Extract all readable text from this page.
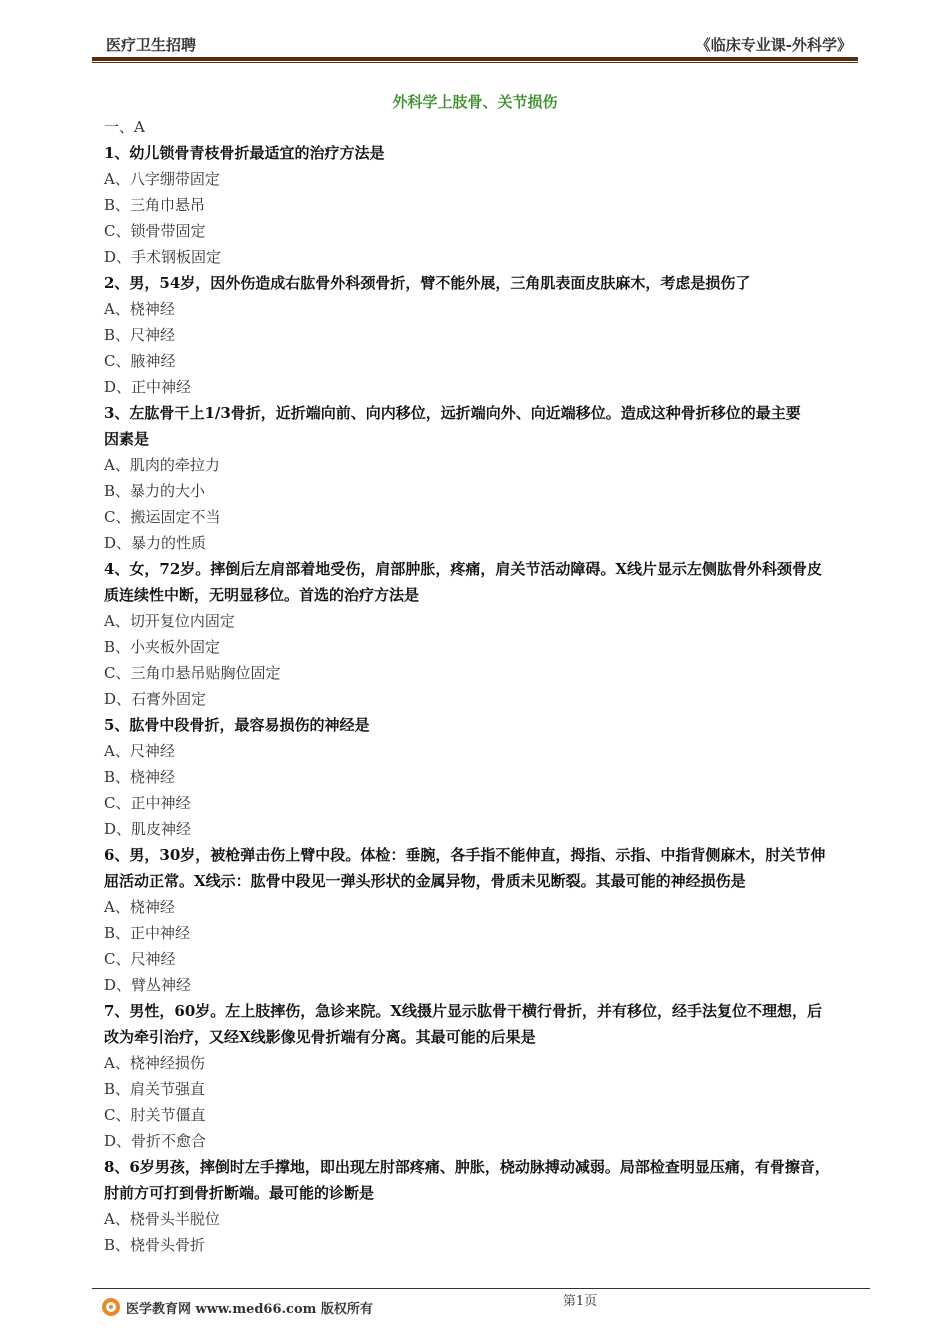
医疗卫生招聘	《临床专业课-外科学》
外科学上肢骨、关节损伤
一、A
1、幼儿锁骨青枝骨折最适宜的治疗方法是
A、八字绷带固定
B、三角巾悬吊
C、锁骨带固定
D、手术钢板固定
2、男，54岁，因外伤造成右肱骨外科颈骨折，臂不能外展，三角肌表面皮肤麻木，考虑是损伤了
A、桡神经
B、尺神经
C、腋神经
D、正中神经
3、左肱骨干上1/3骨折，近折端向前、向内移位，远折端向外、向近端移位。造成这种骨折移位的最主要
因素是
A、肌肉的牵拉力
B、暴力的大小
C、搬运固定不当
D、暴力的性质
4、女，72岁。摔倒后左肩部着地受伤，肩部肿胀，疼痛，肩关节活动障碍。X线片显示左侧肱骨外科颈骨皮
质连续性中断，无明显移位。首选的治疗方法是
A、切开复位内固定
B、小夹板外固定
C、三角巾悬吊贴胸位固定
D、石膏外固定
5、肱骨中段骨折，最容易损伤的神经是
A、尺神经
B、桡神经
C、正中神经
D、肌皮神经
6、男，30岁，被枪弹击伤上臂中段。体检：垂腕，各手指不能伸直，拇指、示指、中指背侧麻木，肘关节伸
屈活动正常。X线示：肱骨中段见一弹头形状的金属异物，骨质未见断裂。其最可能的神经损伤是
A、桡神经
B、正中神经
C、尺神经
D、臂丛神经
7、男性，60岁。左上肢摔伤，急诊来院。X线摄片显示肱骨干横行骨折，并有移位，经手法复位不理想，后
改为牵引治疗，又经X线影像见骨折端有分离。其最可能的后果是
A、桡神经损伤
B、肩关节强直
C、肘关节僵直
D、骨折不愈合
8、6岁男孩，摔倒时左手撑地，即出现左肘部疼痛、肿胀，桡动脉搏动减弱。局部检查明显压痛，有骨擦音，
肘前方可打到骨折断端。最可能的诊断是
A、桡骨头半脱位
B、桡骨头骨折
第1页
医学教育网 www.med66.com 版权所有
